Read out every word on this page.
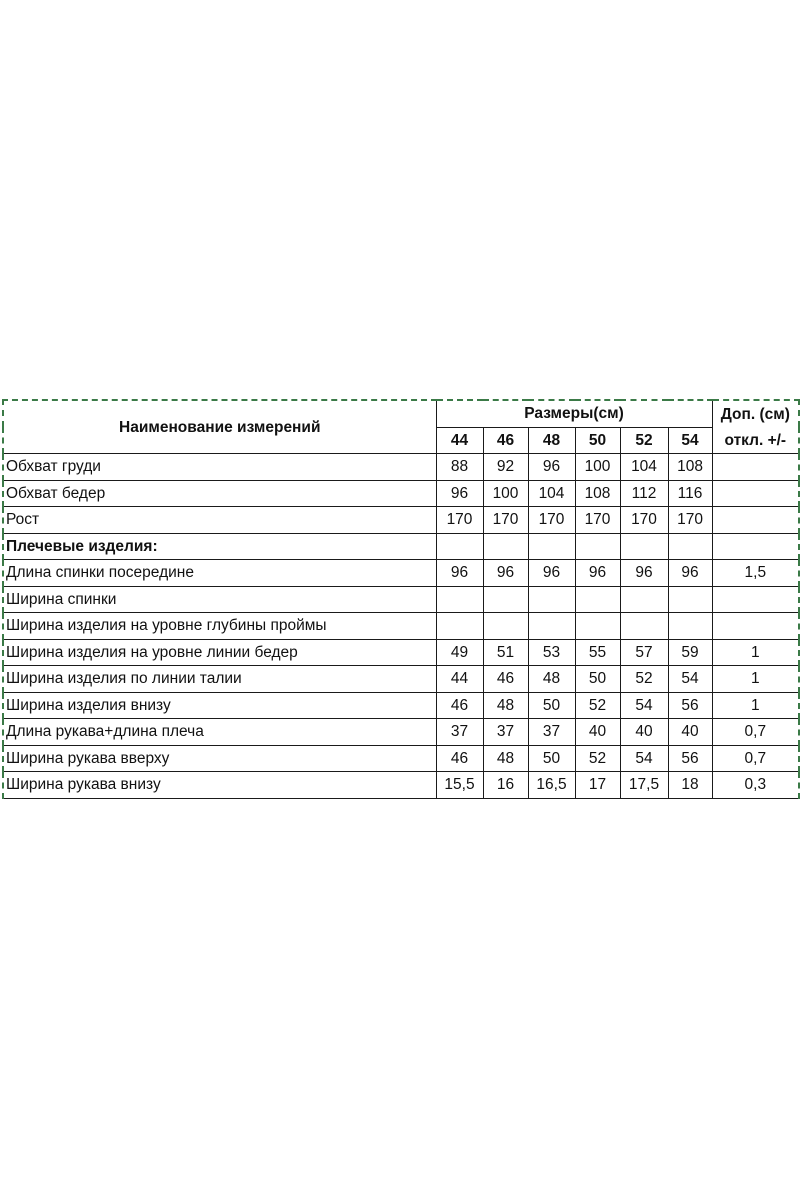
Наименование измерений	Размеры(см)						Доп. (см)
	44	46	48	50	52	54	откл. +/-
Обхват груди	88	92	96	100	104	108	
Обхват бедер	96	100	104	108	112	116	
Рост	170	170	170	170	170	170	
Плечевые изделия:							
Длина спинки посередине	96	96	96	96	96	96	1,5
Ширина спинки							
Ширина изделия на уровне глубины проймы							
Ширина изделия на уровне линии бедер	49	51	53	55	57	59	1
Ширина изделия по линии талии	44	46	48	50	52	54	1
Ширина изделия внизу	46	48	50	52	54	56	1
Длина рукава+длина плеча	37	37	37	40	40	40	0,7
Ширина рукава вверху	46	48	50	52	54	56	0,7
Ширина рукава внизу	15,5	16	16,5	17	17,5	18	0,3
